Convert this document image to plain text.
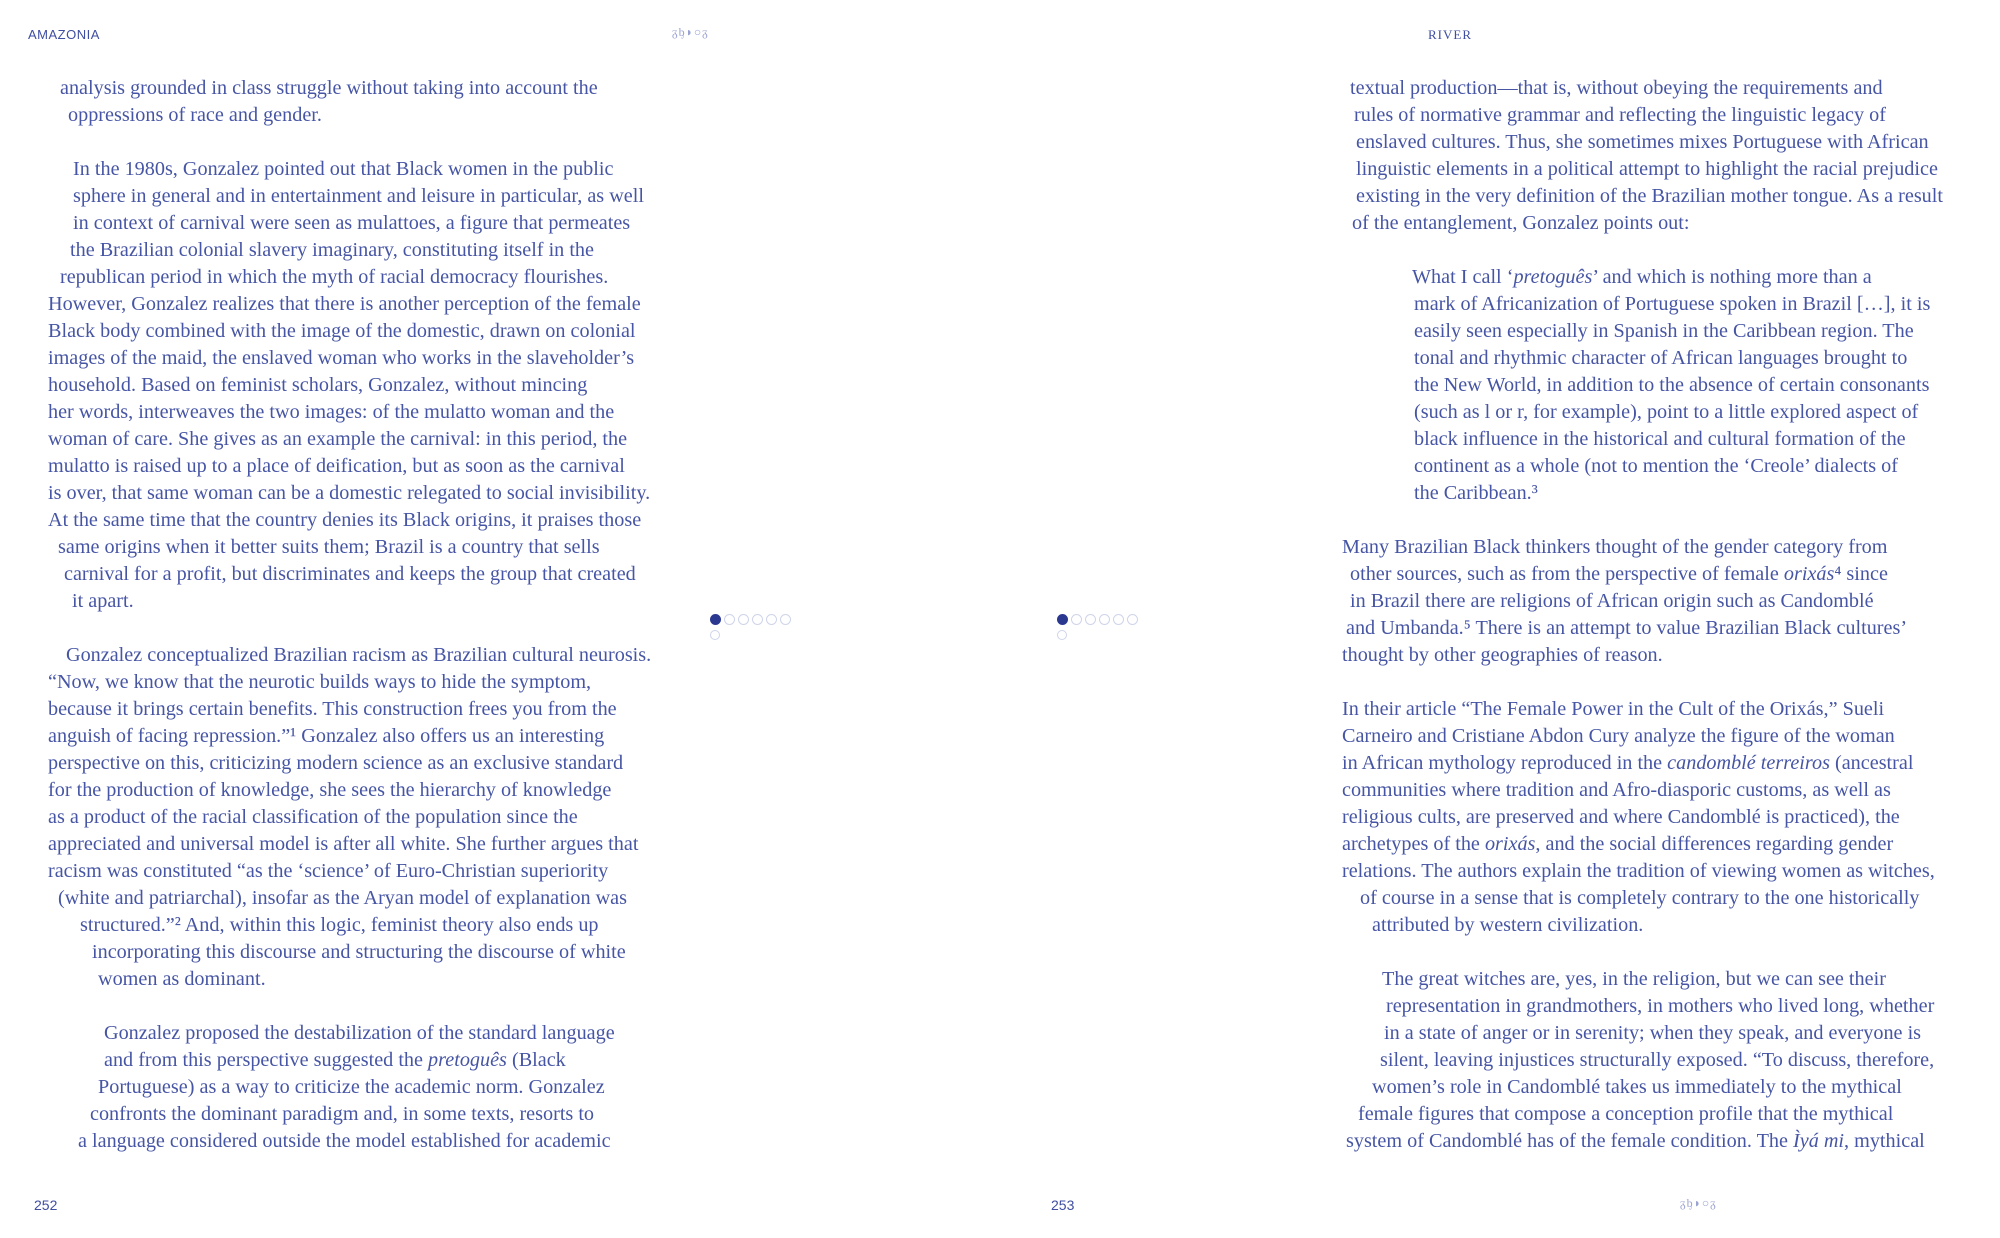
AMAZONIA	ᵹᶀ◗○ᵹ	RIVER
analysis grounded in class struggle without taking into account the
oppressions of race and gender.
In the 1980s, Gonzalez pointed out that Black women in the public
sphere in general and in entertainment and leisure in particular, as well
in context of carnival were seen as mulattoes, a figure that permeates
the Brazilian colonial slavery imaginary, constituting itself in the
republican period in which the myth of racial democracy flourishes.
However, Gonzalez realizes that there is another perception of the female
Black body combined with the image of the domestic, drawn on colonial
images of the maid, the enslaved woman who works in the slaveholder’s
household. Based on feminist scholars, Gonzalez, without mincing
her words, interweaves the two images: of the mulatto woman and the
woman of care. She gives as an example the carnival: in this period, the
mulatto is raised up to a place of deification, but as soon as the carnival
is over, that same woman can be a domestic relegated to social invisibility.
At the same time that the country denies its Black origins, it praises those
same origins when it better suits them; Brazil is a country that sells
carnival for a profit, but discriminates and keeps the group that created
it apart.
Gonzalez conceptualized Brazilian racism as Brazilian cultural neurosis.
“Now, we know that the neurotic builds ways to hide the symptom,
because it brings certain benefits. This construction frees you from the
anguish of facing repression.”¹ Gonzalez also offers us an interesting
perspective on this, criticizing modern science as an exclusive standard
for the production of knowledge, she sees the hierarchy of knowledge
as a product of the racial classification of the population since the
appreciated and universal model is after all white. She further argues that
racism was constituted “as the ‘science’ of Euro-Christian superiority
(white and patriarchal), insofar as the Aryan model of explanation was
structured.”² And, within this logic, feminist theory also ends up
incorporating this discourse and structuring the discourse of white
women as dominant.
Gonzalez proposed the destabilization of the standard language
and from this perspective suggested the pretoguês (Black
Portuguese) as a way to criticize the academic norm. Gonzalez
confronts the dominant paradigm and, in some texts, resorts to
a language considered outside the model established for academic
textual production—that is, without obeying the requirements and
rules of normative grammar and reflecting the linguistic legacy of
enslaved cultures. Thus, she sometimes mixes Portuguese with African
linguistic elements in a political attempt to highlight the racial prejudice
existing in the very definition of the Brazilian mother tongue. As a result
of the entanglement, Gonzalez points out:
What I call ‘pretoguês’ and which is nothing more than a
mark of Africanization of Portuguese spoken in Brazil […], it is
easily seen especially in Spanish in the Caribbean region. The
tonal and rhythmic character of African languages brought to
the New World, in addition to the absence of certain consonants
(such as l or r, for example), point to a little explored aspect of
black influence in the historical and cultural formation of the
continent as a whole (not to mention the ‘Creole’ dialects of
the Caribbean.³
Many Brazilian Black thinkers thought of the gender category from
other sources, such as from the perspective of female orixás⁴ since
in Brazil there are religions of African origin such as Candomblé
and Umbanda.⁵ There is an attempt to value Brazilian Black cultures’
thought by other geographies of reason.
In their article “The Female Power in the Cult of the Orixás,” Sueli
Carneiro and Cristiane Abdon Cury analyze the figure of the woman
in African mythology reproduced in the candomblé terreiros (ancestral
communities where tradition and Afro-diasporic customs, as well as
religious cults, are preserved and where Candomblé is practiced), the
archetypes of the orixás, and the social differences regarding gender
relations. The authors explain the tradition of viewing women as witches,
of course in a sense that is completely contrary to the one historically
attributed by western civilization.
The great witches are, yes, in the religion, but we can see their
representation in grandmothers, in mothers who lived long, whether
in a state of anger or in serenity; when they speak, and everyone is
silent, leaving injustices structurally exposed. “To discuss, therefore,
women’s role in Candomblé takes us immediately to the mythical
female figures that compose a conception profile that the mythical
system of Candomblé has of the female condition. The Ìyá mi, mythical
252	253	ᵹᶀ◗○ᵹ
